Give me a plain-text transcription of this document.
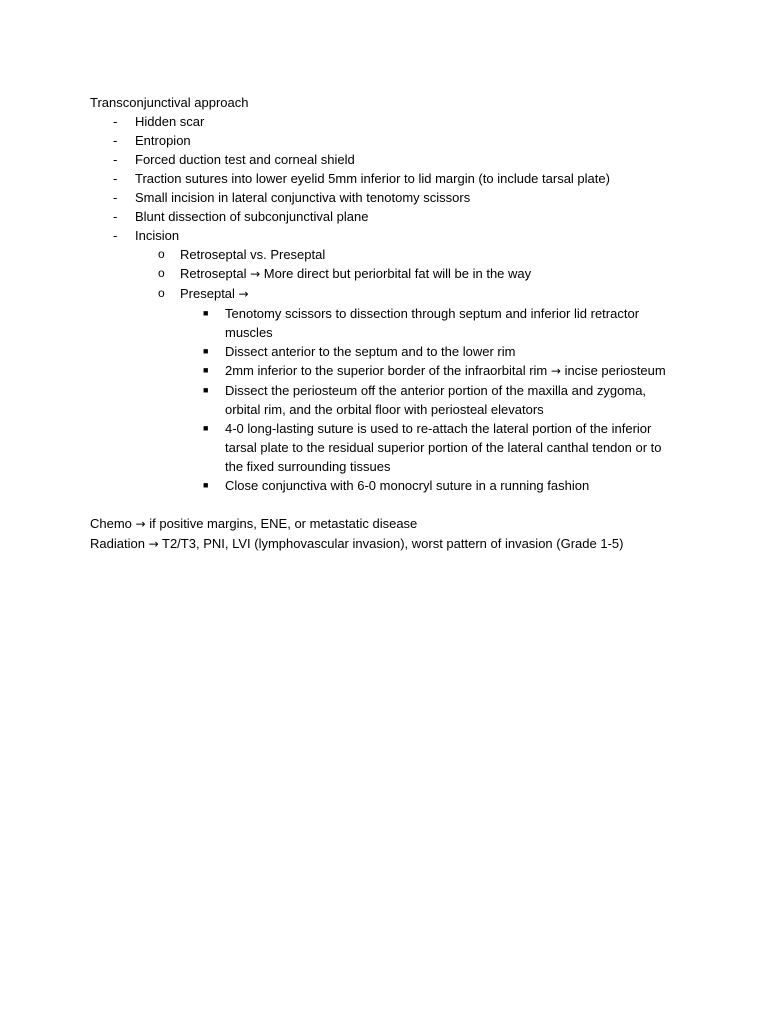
Transconjunctival approach
- Hidden scar
- Entropion
- Forced duction test and corneal shield
- Traction sutures into lower eyelid 5mm inferior to lid margin (to include tarsal plate)
- Small incision in lateral conjunctiva with tenotomy scissors
- Blunt dissection of subconjunctival plane
- Incision
o Retroseptal vs. Preseptal
o Retroseptal → More direct but periorbital fat will be in the way
o Preseptal →
■ Tenotomy scissors to dissection through septum and inferior lid retractor muscles
■ Dissect anterior to the septum and to the lower rim
■ 2mm inferior to the superior border of the infraorbital rim → incise periosteum
■ Dissect the periosteum off the anterior portion of the maxilla and zygoma, orbital rim, and the orbital floor with periosteal elevators
■ 4-0 long-lasting suture is used to re-attach the lateral portion of the inferior tarsal plate to the residual superior portion of the lateral canthal tendon or to the fixed surrounding tissues
■ Close conjunctiva with 6-0 monocryl suture in a running fashion
Chemo → if positive margins, ENE, or metastatic disease
Radiation → T2/T3, PNI, LVI (lymphovascular invasion), worst pattern of invasion (Grade 1-5)
